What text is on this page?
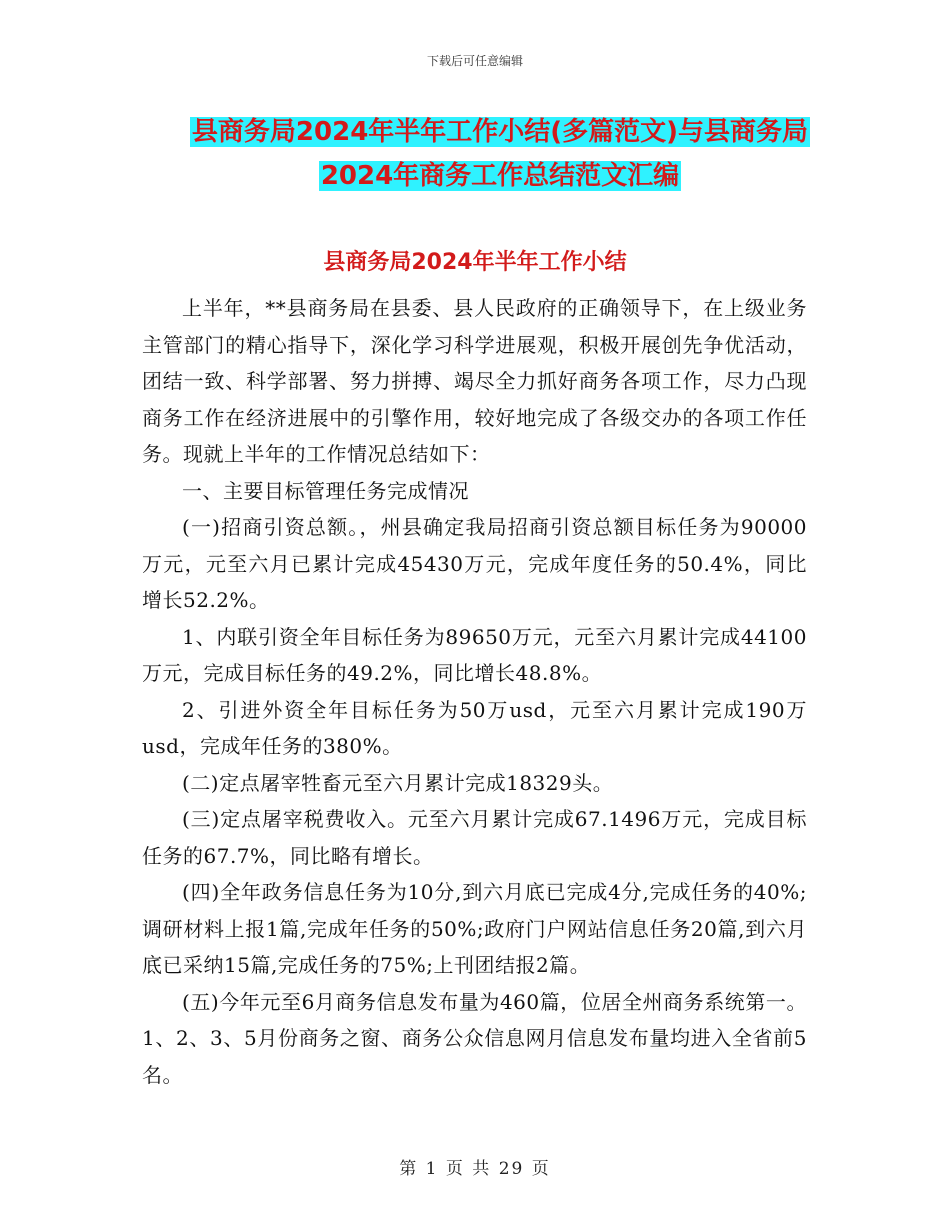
下载后可任意编辑
县商务局2024年半年工作小结(多篇范文)与县商务局
2024年商务工作总结范文汇编
县商务局2024年半年工作小结

上半年，**县商务局在县委、县人民政府的正确领导下，在上级业务主管部门的精心指导下，深化学习科学进展观，积极开展创先争优活动，团结一致、科学部署、努力拼搏、竭尽全力抓好商务各项工作，尽力凸现商务工作在经济进展中的引擎作用，较好地完成了各级交办的各项工作任务。现就上半年的工作情况总结如下：

一、主要目标管理任务完成情况

(一)招商引资总额。，州县确定我局招商引资总额目标任务为90000万元，元至六月已累计完成45430万元，完成年度任务的50.4%，同比增长52.2%。

1、内联引资全年目标任务为89650万元，元至六月累计完成44100万元，完成目标任务的49.2%，同比增长48.8%。

2、引进外资全年目标任务为50万usd，元至六月累计完成190万usd，完成年任务的380%。

(二)定点屠宰牲畜元至六月累计完成18329头。

(三)定点屠宰税费收入。元至六月累计完成67.1496万元，完成目标任务的67.7%，同比略有增长。

(四)全年政务信息任务为10分,到六月底已完成4分,完成任务的40%;调研材料上报1篇,完成年任务的50%;政府门户网站信息任务20篇,到六月底已采纳15篇,完成任务的75%;上刊团结报2篇。

(五)今年元至6月商务信息发布量为460篇，位居全州商务系统第一。1、2、3、5月份商务之窗、商务公众信息网月信息发布量均进入全省前5名。

第 1 页 共 29 页
